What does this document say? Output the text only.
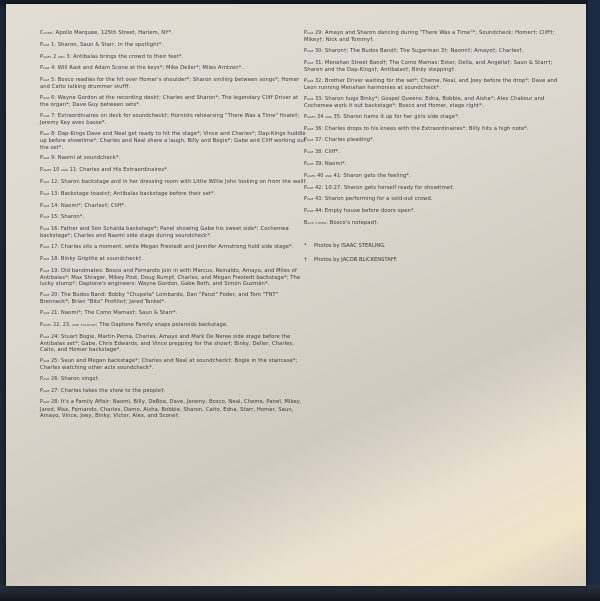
Cover: Apollo Marquee, 125th Street, Harlem, NY*.
Page 1: Sharon, Saun & Starr, in the spotlight*.
Pages 2 and 3: Antibalas brings the crowd to their feet*.
Page 4: Will Rast and Adam Scone at the keys*; Mike Deller*; Miles Arntzen*.
Page 5: Bosco readies for the hit over Homer's shoulder*; Sharon smiling between songs*; Homer and Caito talking drummer stuff†.
Page 6: Wayne Gordon at the recording desk†; Charles and Sharon*; The legendary Cliff Driver at the organ*; Dave Guy between sets*.
Page 7: Extraordinaires on deck for soundcheck†; Hornists rehearsing "There Was a Time" finale†; Jeremy Key avec basse*.
Page 8: Dap-Kings Dave and Neal get ready to hit the stage*; Vince and Charles*; Dap-Kings huddle up before showtime*; Charles and Neal share a laugh, Billy and Bogie*; Gabe and Cliff working out the set*.
Page 9: Naomi at soundcheck*.
Pages 10 and 11: Charles and His Extraordinaires*.
Page 12: Sharon backstage and in her dressing room with Little Willie John looking on from the wall†.
Page 13: Backstage toasts†; Antibalas backstage before their set*.
Page 14: Naomi*; Charles†; Cliff*.
Page 15: Sharon*.
Page 16: Father and Son Schalda backstage*; Panel showing Gabe his sweet side*; Cochemea backstage*; Charles and Naomi side stage during soundcheck*.
Page 17: Charles sits a moment, while Megan Frestedt and Jennifer Armstrong hold side stage*.
Page 18: Binky Griptite at soundcheck†.
Page 19: Old bandmates: Bosco and Fernando join in with Marcus, Reinaldo, Amayo, and Miles of Antibalas*; Max Shrager, Mikey Post, Doug Rumpf, Charles, and Megan Frestedt backstage*; The lucky stump*; Daptone's engineers: Wayne Gordon, Gabe Roth, and Simón Guzmán*.
Page 20: The Budos Band: Bobby "Chupeta" Lombardo, Dan "Panzi" Foder, and Tom "TNT" Brenneck*; Brian "Bito" Profilio†; Jared Tankel*.
Page 21: Naomi*; The Como Mamas†; Saun & Starr*.
Pages 22, 23, and foldout: The Daptone Family snaps polaroids backstage.
Page 24: Stuart Bogie, Martin Perna, Charles, Amayo and Mark De Neree side stage before the Antibalas set*; Gabe, Chris Edwards, and Vince prepping for the show†; Binky, Deller, Charles, Caito, and Homer backstage*.
Page 25: Saun and Megan backstage*; Charles and Neal at soundcheck†; Bogie in the staircase*; Charles watching other acts soundcheck*.
Page 26: Sharon sings†.
Page 27: Charles takes the show to the people†.
Page 28: It's a Family Affair: Naomi, Billy, DeBoe, Dave, Jeremy, Bosco, Neal, Cheme, Panel, Mikey, Jared, Max, Fernando, Charles, Damo, Aisha, Bobbie, Sharon, Caito, Edna, Starr, Homer, Saun, Amayo, Vince, Joey, Binky, Victor, Alex, and Scone†.
Page 29: Amayo and Sharon dancing during "There Was a Time"*; Soundcheck: Homer†; Cliff†; Mikey†; Nick and Tommy†.
Page 30: Sharon†; The Budos Band†; The Sugarman 3†; Naomi†; Amayo†; Charles†.
Page 31: Menahan Street Band†; The Como Mamas: Ester, Della, and Angella†; Saun & Starr†; Sharon and the Dap-Kings†; Antibalas†; Binky stepping†.
Page 32: Brother Driver waiting for the set*; Cheme, Neal, and Joey before the drop*; Dave and Leon running Menahan harmonies at soundcheck*.
Page 33: Sharon hugs Binky*; Gospel Queens: Edna, Bobbie, and Aisha*; Alex Chakour and Cochemea work it out backstage*; Bosco and Homer, stage right*.
Pages 34 and 35: Sharon hams it up for her girls side stage*.
Page 36: Charles drops to his knees with the Extraordinaires*; Billy hits a high note*.
Page 37: Charles pleading*.
Page 38: Cliff*.
Page 39: Naomi*.
Pages 40 and 41: Sharon gets the feeling*.
Page 42: 10:27, Sharon gets herself ready for showtime†.
Page 43: Sharon performing for a sold-out crowd.
Page 44: Empty house before doors open*.
Back cover: Bosco's notepad†.
* Photos by ISAAC STERLING.
† Photos by JACOB BLICKENSTAFF.
